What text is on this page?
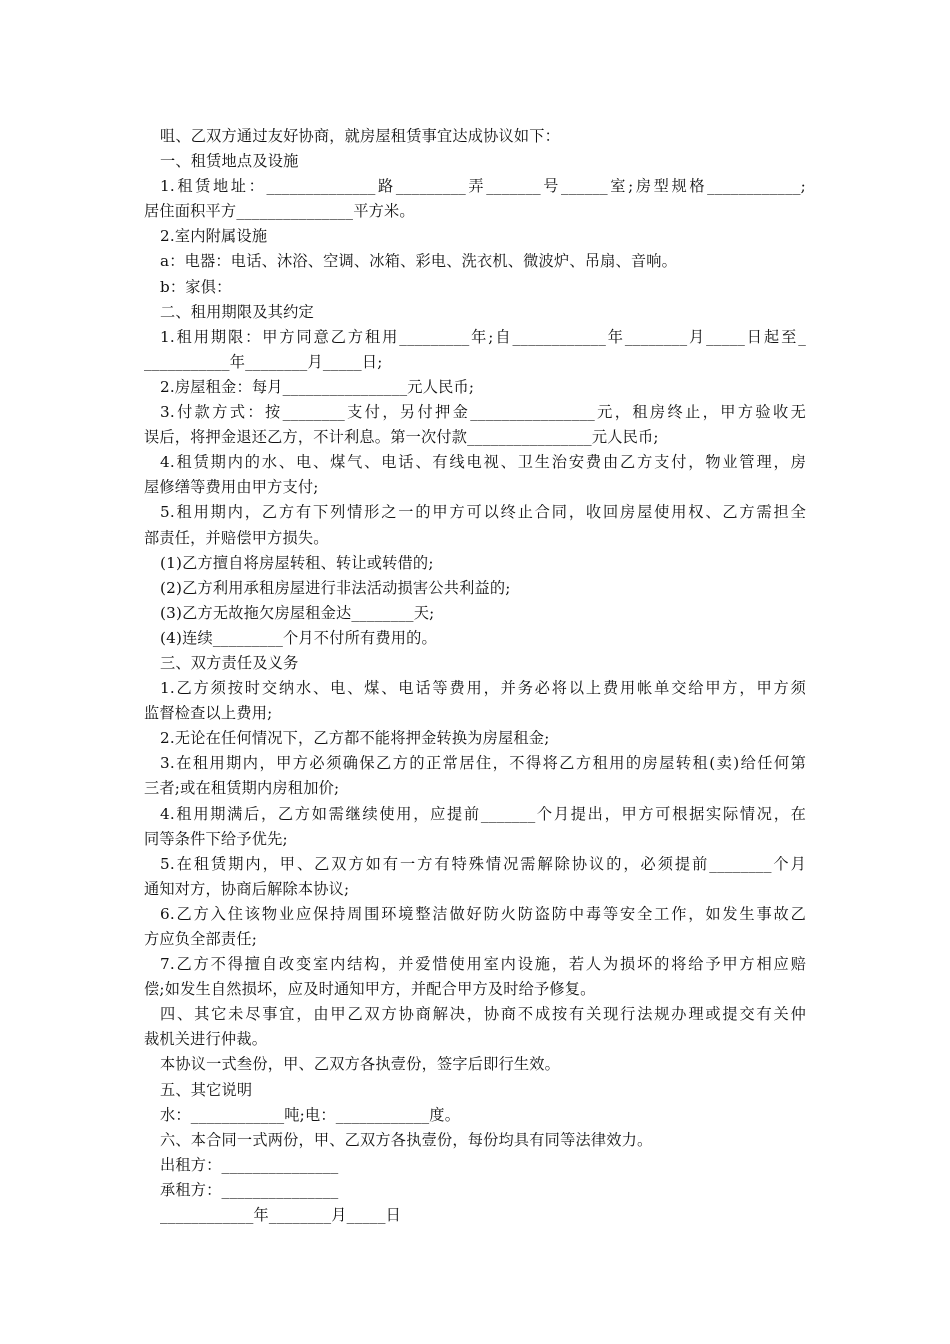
咀、乙双方通过友好协商，就房屋租赁事宜达成协议如下：
一、租赁地点及设施
1.租赁地址：______________路_________弄_______号______室;房型规格____________;
居住面积平方_______________平方米。
2.室内附属设施
a：电器：电话、沐浴、空调、冰箱、彩电、洗衣机、微波炉、吊扇、音响。
b：家俱：
二、租用期限及其约定
1.租用期限：甲方同意乙方租用_________年;自____________年________月_____日起至_
___________年________月_____日;
2.房屋租金：每月________________元人民币;
3.付款方式：按________支付，另付押金________________元，租房终止，甲方验收无
误后，将押金退还乙方，不计利息。第一次付款________________元人民币;
4.租赁期内的水、电、煤气、电话、有线电视、卫生治安费由乙方支付，物业管理，房
屋修缮等费用由甲方支付;
5.租用期内，乙方有下列情形之一的甲方可以终止合同，收回房屋使用权、乙方需担全
部责任，并赔偿甲方损失。
(1)乙方擅自将房屋转租、转让或转借的;
(2)乙方利用承租房屋进行非法活动损害公共利益的;
(3)乙方无故拖欠房屋租金达________天;
(4)连续_________个月不付所有费用的。
三、双方责任及义务
1.乙方须按时交纳水、电、煤、电话等费用，并务必将以上费用帐单交给甲方，甲方须
监督检查以上费用;
2.无论在任何情况下，乙方都不能将押金转换为房屋租金;
3.在租用期内，甲方必须确保乙方的正常居住，不得将乙方租用的房屋转租(卖)给任何第
三者;或在租赁期内房租加价;
4.租用期满后，乙方如需继续使用，应提前_______个月提出，甲方可根据实际情况，在
同等条件下给予优先;
5.在租赁期内，甲、乙双方如有一方有特殊情况需解除协议的，必须提前________个月
通知对方，协商后解除本协议;
6.乙方入住该物业应保持周围环境整洁做好防火防盗防中毒等安全工作，如发生事故乙
方应负全部责任;
7.乙方不得擅自改变室内结构，并爱惜使用室内设施，若人为损坏的将给予甲方相应赔
偿;如发生自然损坏，应及时通知甲方，并配合甲方及时给予修复。
四、其它未尽事宜，由甲乙双方协商解决，协商不成按有关现行法规办理或提交有关仲
裁机关进行仲裁。
本协议一式叁份，甲、乙双方各执壹份，签字后即行生效。
五、其它说明
水：____________吨;电：____________度。
六、本合同一式两份，甲、乙双方各执壹份，每份均具有同等法律效力。
出租方：_______________
承租方：_______________
____________年________月_____日
